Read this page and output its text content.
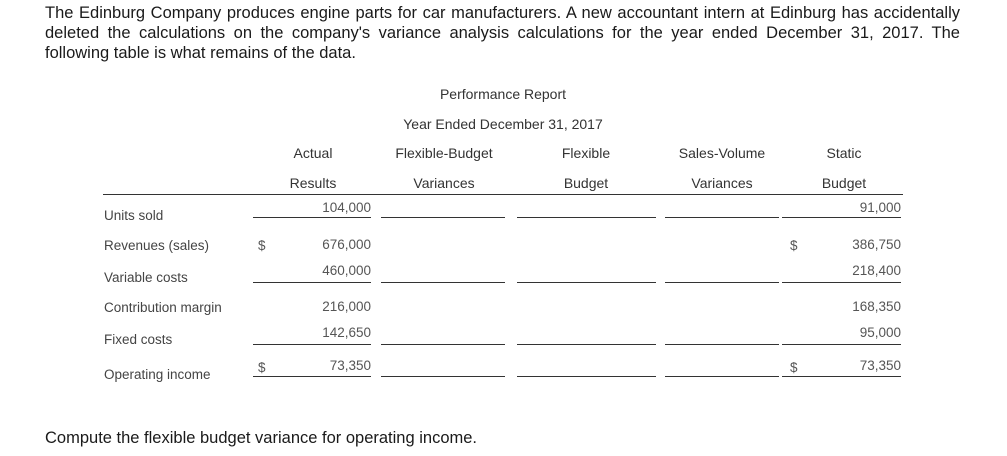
The Edinburg Company produces engine parts for car manufacturers. A new accountant intern at Edinburg has accidentally deleted the calculations on the company's variance analysis calculations for the year ended December 31, 2017. The following table is what remains of the data.
Performance Report
Year Ended December 31, 2017
Actual
Results
Flexible-Budget
Variances
Flexible
Budget
Sales-Volume
Variances
Static
Budget
Units sold
Revenues (sales)
Variable costs
Contribution margin
Fixed costs
Operating income
$
$
$
$
104,000
676,000
460,000
216,000
142,650
73,350
91,000
386,750
218,400
168,350
95,000
73,350
Compute the flexible budget variance for operating income.
